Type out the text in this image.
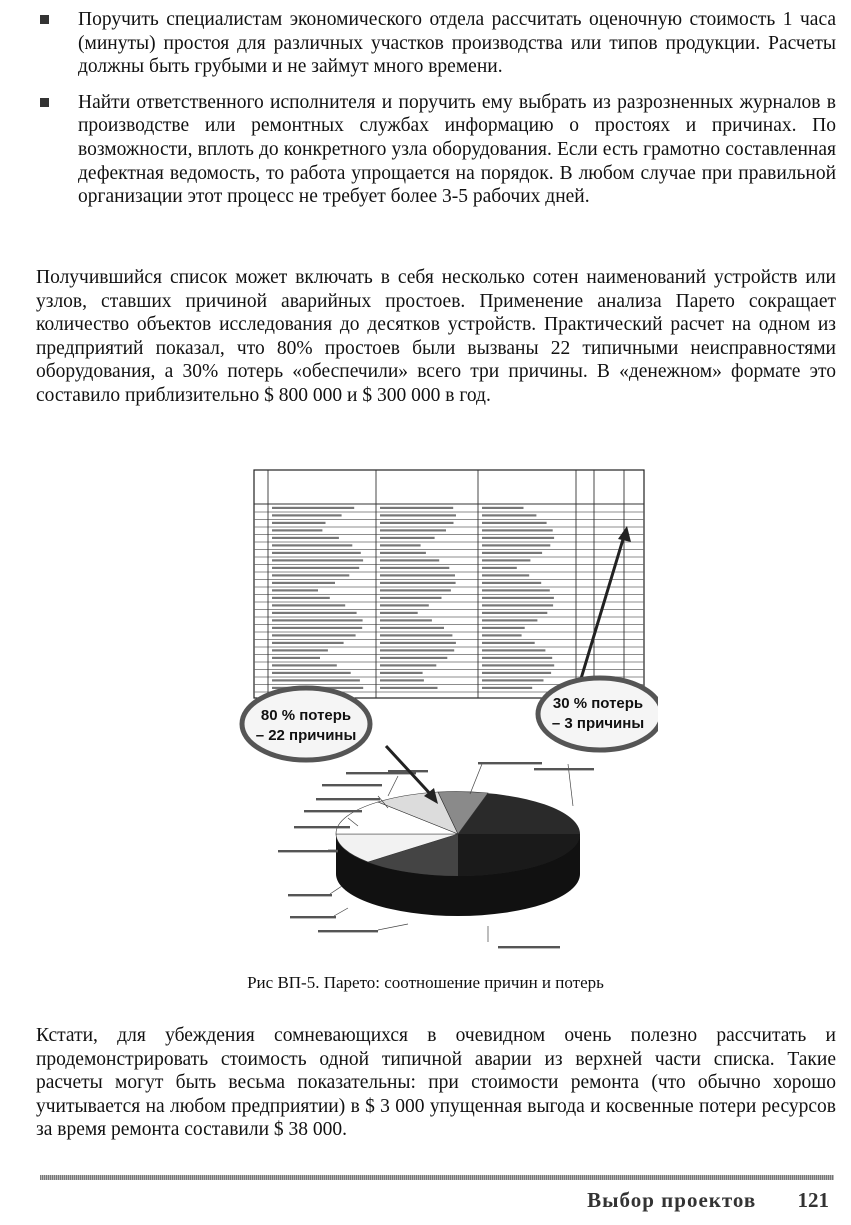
Поручить специалистам экономического отдела рассчитать оценочную стоимость 1 часа (минуты) простоя для различных участков производства или типов продукции. Расчеты должны быть грубыми и не займут много времени.
Найти ответственного исполнителя и поручить ему выбрать из разрозненных журналов в производстве или ремонтных службах информацию о простоях и причинах. По возможности, вплоть до конкретного узла оборудования. Если есть грамотно составленная дефектная ведомость, то работа упрощается на порядок. В любом случае при правильной организации этот процесс не требует более 3-5 рабочих дней.
Получившийся список может включать в себя несколько сотен наименований устройств или узлов, ставших причиной аварийных простоев. Применение анализа Парето сокращает количество объектов исследования до десятков устройств. Практический расчет на одном из предприятий показал, что 80% простоев были вызваны 22 типичными неисправностями оборудования, а 30% потерь «обеспечили» всего три причины. В «денежном» формате это составило приблизительно $ 800 000 и $ 300 000 в год.
80 % потерь
– 22 причины
30 % потерь
– 3 причины
Рис ВП-5. Парето: соотношение причин и потерь
Кстати, для убеждения сомневающихся в очевидном очень полезно рассчитать и продемонстрировать стоимость одной типичной аварии из верхней части списка. Такие расчеты могут быть весьма показательны: при стоимости ремонта (что обычно хорошо учитывается на любом предприятии) в $ 3 000 упущенная выгода и косвенные потери ресурсов за время ремонта составили $ 38 000.
Выбор проектов 121
